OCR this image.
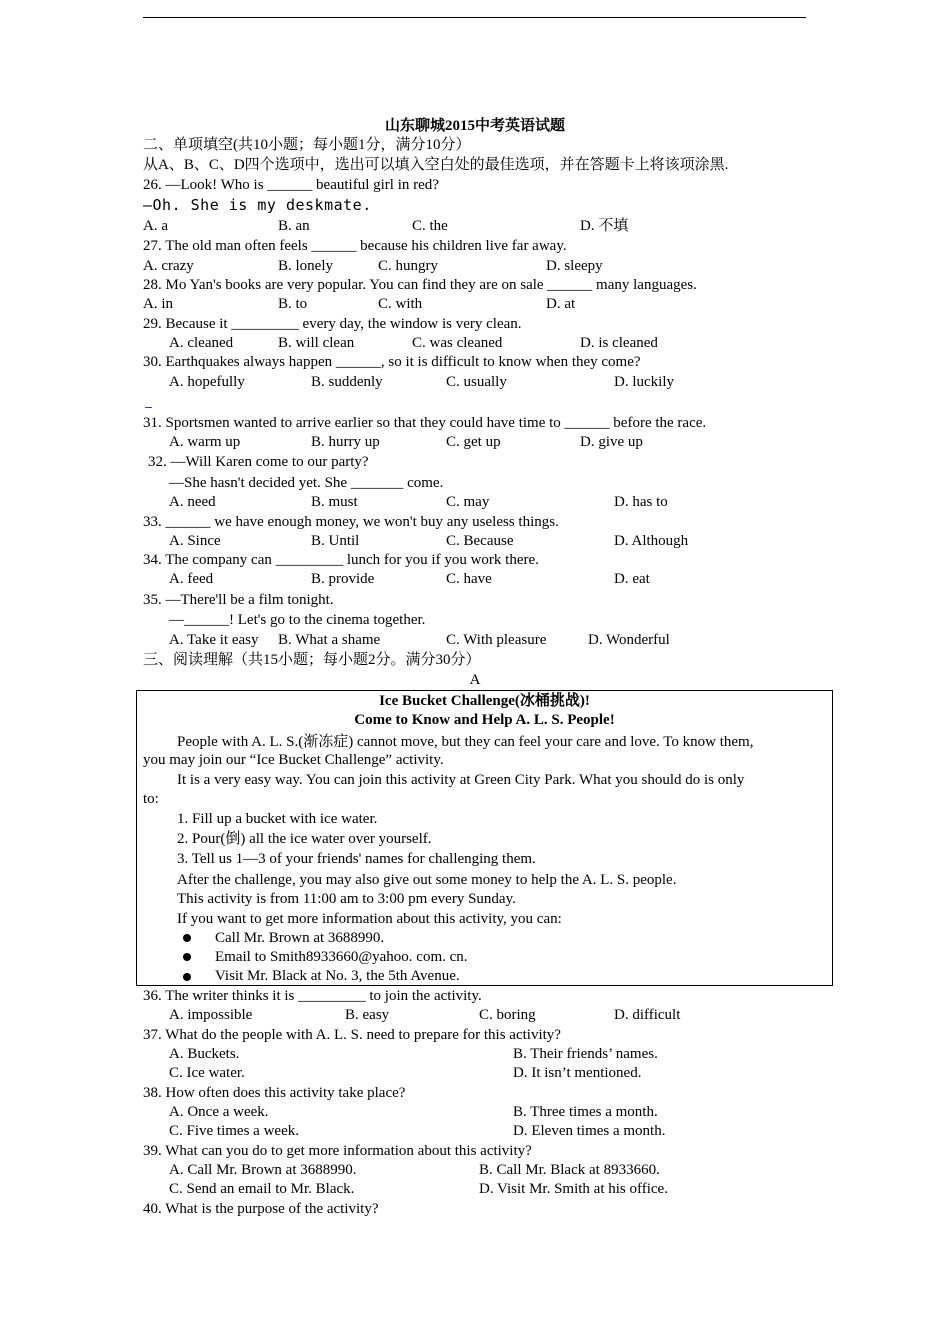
山东聊城2015中考英语试题
二、单项填空(共10小题；每小题1分，满分10分）
从A、B、C、D四个选项中，选出可以填入空白处的最佳选项，并在答题卡上将该项涂黑.
26. —Look! Who is ______ beautiful girl in red?
—Oh. She is my deskmate.
A. a	B. an	C. the	D. 不填
27. The old man often feels ______ because his children live far away.
A. crazy	B. lonely	C. hungry	D. sleepy
28. Mo Yan's books are very popular. You can find they are on sale ______ many languages.
A. in	B. to	C. with	D. at
29. Because it _________ every day, the window is very clean.
A. cleaned	B. will clean	C. was cleaned	D. is cleaned
30. Earthquakes always happen ______, so it is difficult to know when they come?
A. hopefully	B. suddenly	C. usually	D. luckily
31. Sportsmen wanted to arrive earlier so that they could have time to ______ before the race.
A. warm up	B. hurry up	C. get up	D. give up
32. —Will Karen come to our party?
—She hasn't decided yet. She _______ come.
A. need	B. must	C. may	D. has to
33. ______ we have enough money, we won't buy any useless things.
A. Since	B. Until	C. Because	D. Although
34. The company can _________ lunch for you if you work there.
A. feed	B. provide	C. have	D. eat
35. —There'll be a film tonight.
—______! Let's go to the cinema together.
A. Take it easy B. What a shame	C. With pleasure	D. Wonderful
三、阅读理解（共15小题；每小题2分。满分30分）
A
Ice Bucket Challenge(冰桶挑战)!
Come to Know and Help A. L. S. People!
People with A. L. S.(渐冻症) cannot move, but they can feel your care and love. To know them,
you may join our “Ice Bucket Challenge” activity.
It is a very easy way. You can join this activity at Green City Park. What you should do is only
to:
1. Fill up a bucket with ice water.
2. Pour(倒) all the ice water over yourself.
3. Tell us 1—3 of your friends' names for challenging them.
After the challenge, you may also give out some money to help the A. L. S. people.
This activity is from 11:00 am to 3:00 pm every Sunday.
If you want to get more information about this activity, you can:
Call Mr. Brown at 3688990.
Email to Smith8933660@yahoo. com. cn.
Visit Mr. Black at No. 3, the 5th Avenue.
36. The writer thinks it is _________ to join the activity.
A. impossible	B. easy	C. boring	D. difficult
37. What do the people with A. L. S. need to prepare for this activity?
A. Buckets.	B. Their friends’ names.
C. Ice water.	D. It isn’t mentioned.
38. How often does this activity take place?
A. Once a week.	B. Three times a month.
C. Five times a week.	D. Eleven times a month.
39. What can you do to get more information about this activity?
A. Call Mr. Brown at 3688990.	B. Call Mr. Black at 8933660.
C. Send an email to Mr. Black.	D. Visit Mr. Smith at his office.
40. What is the purpose of the activity?
